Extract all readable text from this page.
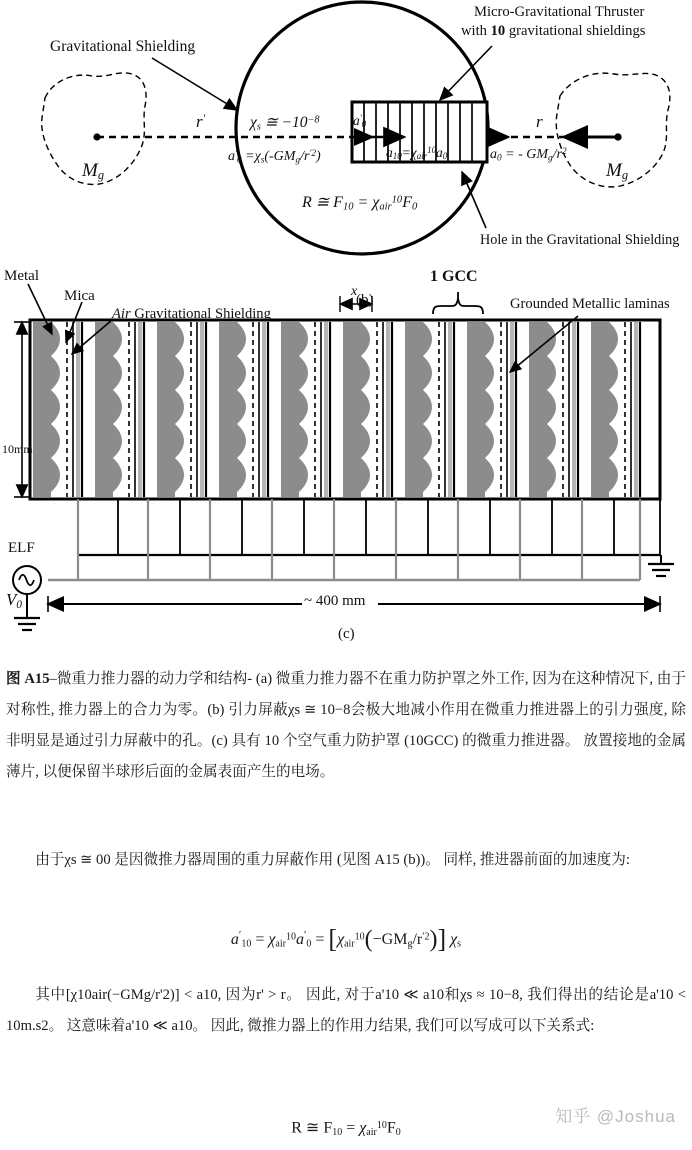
Gravitational Shielding
Micro-Gravitational Thruster
with 10 gravitational shieldings
Hole in the Gravitational Shielding
$M_g$	$M_g$
r'	r
$\chi_s$ ≅ $-10^{-8}$
$a'_0 =\chi_s(-GM_g/r^{'2})$
$a'_0$
$a_{10}=\chi_{air}^{10}a_0$	$a_0$ = - $GM_g/r^2$
R ≅ $F_{10} = \chi_{air}^{10}F_0$
Metal
Mica
Air Gravitational Shielding
Grounded Metallic laminas
1 GCC
x
10mm
ELF
$V_0$	~ 400 mm
(c)
(b)

图 A15–微重力推力器的动力学和结构- (a) 微重力推力器不在重力防护罩之外工作, 因为在这种情况下, 由于对称性, 推力器上的合力为零。(b) 引力屏蔽χs ≅ 10−8会极大地减小作用在微重力推进器上的引力强度, 除非明显是通过引力屏蔽中的孔。(c) 具有 10 个空气重力防护罩 (10GCC) 的微重力推进器。 放置接地的金属薄片, 以便保留半球形后面的金属表面产生的电场。

由于χs ≅ 00 是因微推力器周围的重力屏蔽作用 (见图 A15 (b))。 同样, 推进器前面的加速度为:

$a'_{10} = \chi_{air}^{10}a'_0 = [\chi_{air}^{10}(-GM_g/r^{'2})]$ $\chi_s$

其中[χ10air(−GMg/r'2)] < a10, 因为r' > r。 因此, 对于a'10 ≪ a10和χs ≈ 10−8, 我们得出的结论是a'10 < 10m.s2。 这意味着a'10 ≪ a10。 因此, 微推力器上的作用力结果, 我们可以写成可以下关系式:

R ≅ $F_{10} = \chi_{air}^{10}F_0$

知乎 @Joshua
